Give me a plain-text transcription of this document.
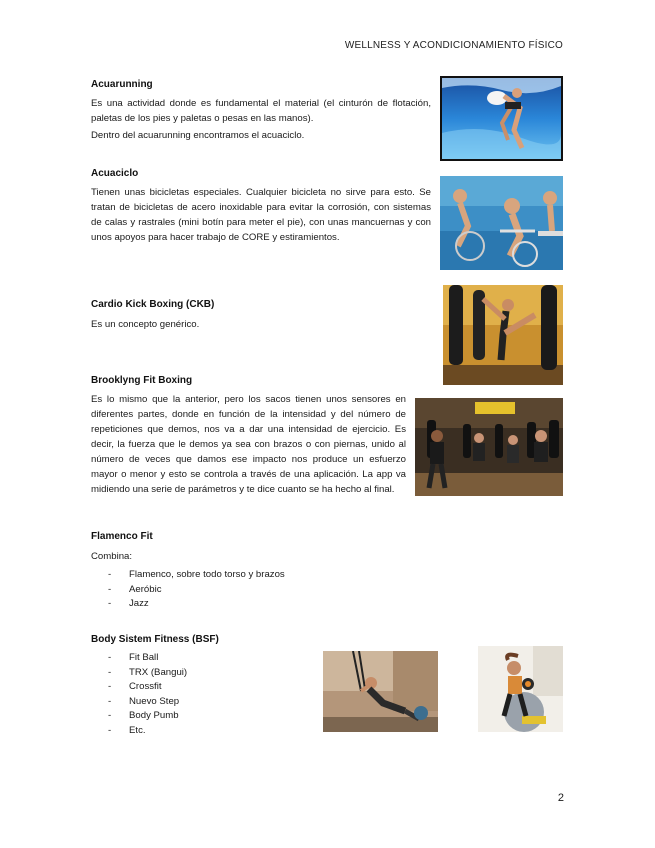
WELLNESS Y ACONDICIONAMIENTO FÍSICO
Acuarunning

Es una actividad donde es fundamental el material (el cinturón de flotación, paletas de los pies y paletas o pesas en las manos).

Dentro del acuarunning encontramos el acuaciclo.

Acuaciclo

Tienen unas bicicletas especiales. Cualquier bicicleta no sirve para esto. Se tratan de bicicletas de acero inoxidable para evitar la corrosión, con sistemas de calas y rastrales (mini botín para meter el pie), con unas mancuernas y con unos apoyos para hacer trabajo de CORE y estiramientos.

Cardio Kick Boxing (CKB)

Es un concepto genérico.

Brooklyng Fit Boxing

Es lo mismo que la anterior, pero los sacos tienen unos sensores en diferentes partes, donde en función de la intensidad y del número de repeticiones que demos, nos va a dar una intensidad de ejercicio. Es decir, la fuerza que le demos ya sea con brazos o con piernas, unido al número de veces que damos ese impacto nos produce un esfuerzo mayor o menor y esto se controla a través de una aplicación. La app va midiendo una serie de parámetros y te dice cuanto se ha hecho al final.

Flamenco Fit

Combina:

- Flamenco, sobre todo torso y brazos
- Aeróbic
- Jazz
Body Sistem Fitness (BSF)
- Fit Ball
- TRX (Bangui)
- Crossfit
- Nuevo Step
- Body Pumb
- Etc.
2
